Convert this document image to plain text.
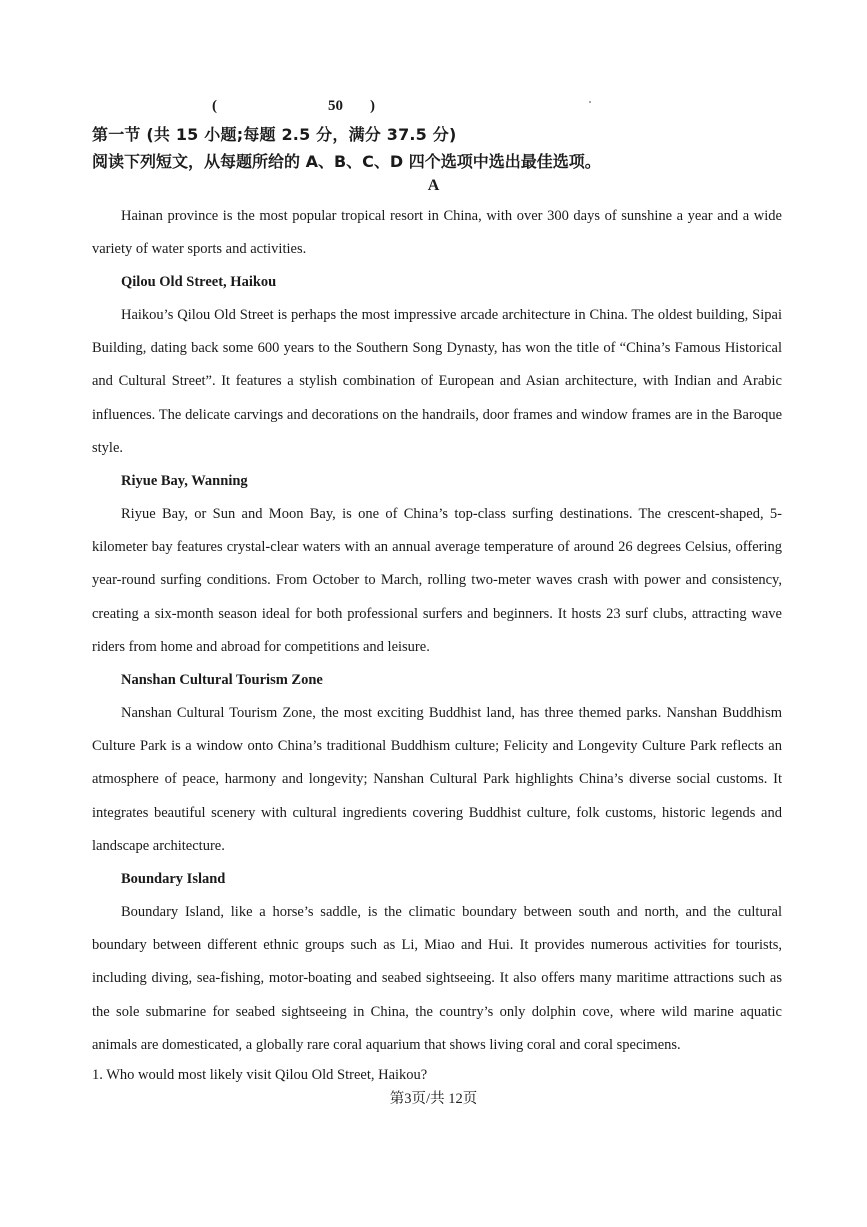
(	50 )
第一节 (共 15 小题;每题 2.5 分，满分 37.5 分)
阅读下列短文，从每题所给的 A、B、C、D 四个选项中选出最佳选项。
A

Hainan province is the most popular tropical resort in China, with over 300 days of sunshine a year and a wide variety of water sports and activities.

Qilou Old Street, Haikou

Haikou’s Qilou Old Street is perhaps the most impressive arcade architecture in China. The oldest building, Sipai Building, dating back some 600 years to the Southern Song Dynasty, has won the title of “China’s Famous Historical and Cultural Street”. It features a stylish combination of European and Asian architecture, with Indian and Arabic influences. The delicate carvings and decorations on the handrails, door frames and window frames are in the Baroque style.

Riyue Bay, Wanning

Riyue Bay, or Sun and Moon Bay, is one of China’s top-class surfing destinations. The crescent-shaped, 5-kilometer bay features crystal-clear waters with an annual average temperature of around 26 degrees Celsius, offering year-round surfing conditions. From October to March, rolling two-meter waves crash with power and consistency, creating a six-month season ideal for both professional surfers and beginners. It hosts 23 surf clubs, attracting wave riders from home and abroad for competitions and leisure.

Nanshan Cultural Tourism Zone

Nanshan Cultural Tourism Zone, the most exciting Buddhist land, has three themed parks. Nanshan Buddhism Culture Park is a window onto China’s traditional Buddhism culture; Felicity and Longevity Culture Park reflects an atmosphere of peace, harmony and longevity; Nanshan Cultural Park highlights China’s diverse social customs. It integrates beautiful scenery with cultural ingredients covering Buddhist culture, folk customs, historic legends and landscape architecture.

Boundary Island

Boundary Island, like a horse’s saddle, is the climatic boundary between south and north, and the cultural boundary between different ethnic groups such as Li, Miao and Hui. It provides numerous activities for tourists, including diving, sea-fishing, motor-boating and seabed sightseeing. It also offers many maritime attractions such as the sole submarine for seabed sightseeing in China, the country’s only dolphin cove, where wild marine aquatic animals are domesticated, a globally rare coral aquarium that shows living coral and coral specimens.

1. Who would most likely visit Qilou Old Street, Haikou?
第3页/共 12页
